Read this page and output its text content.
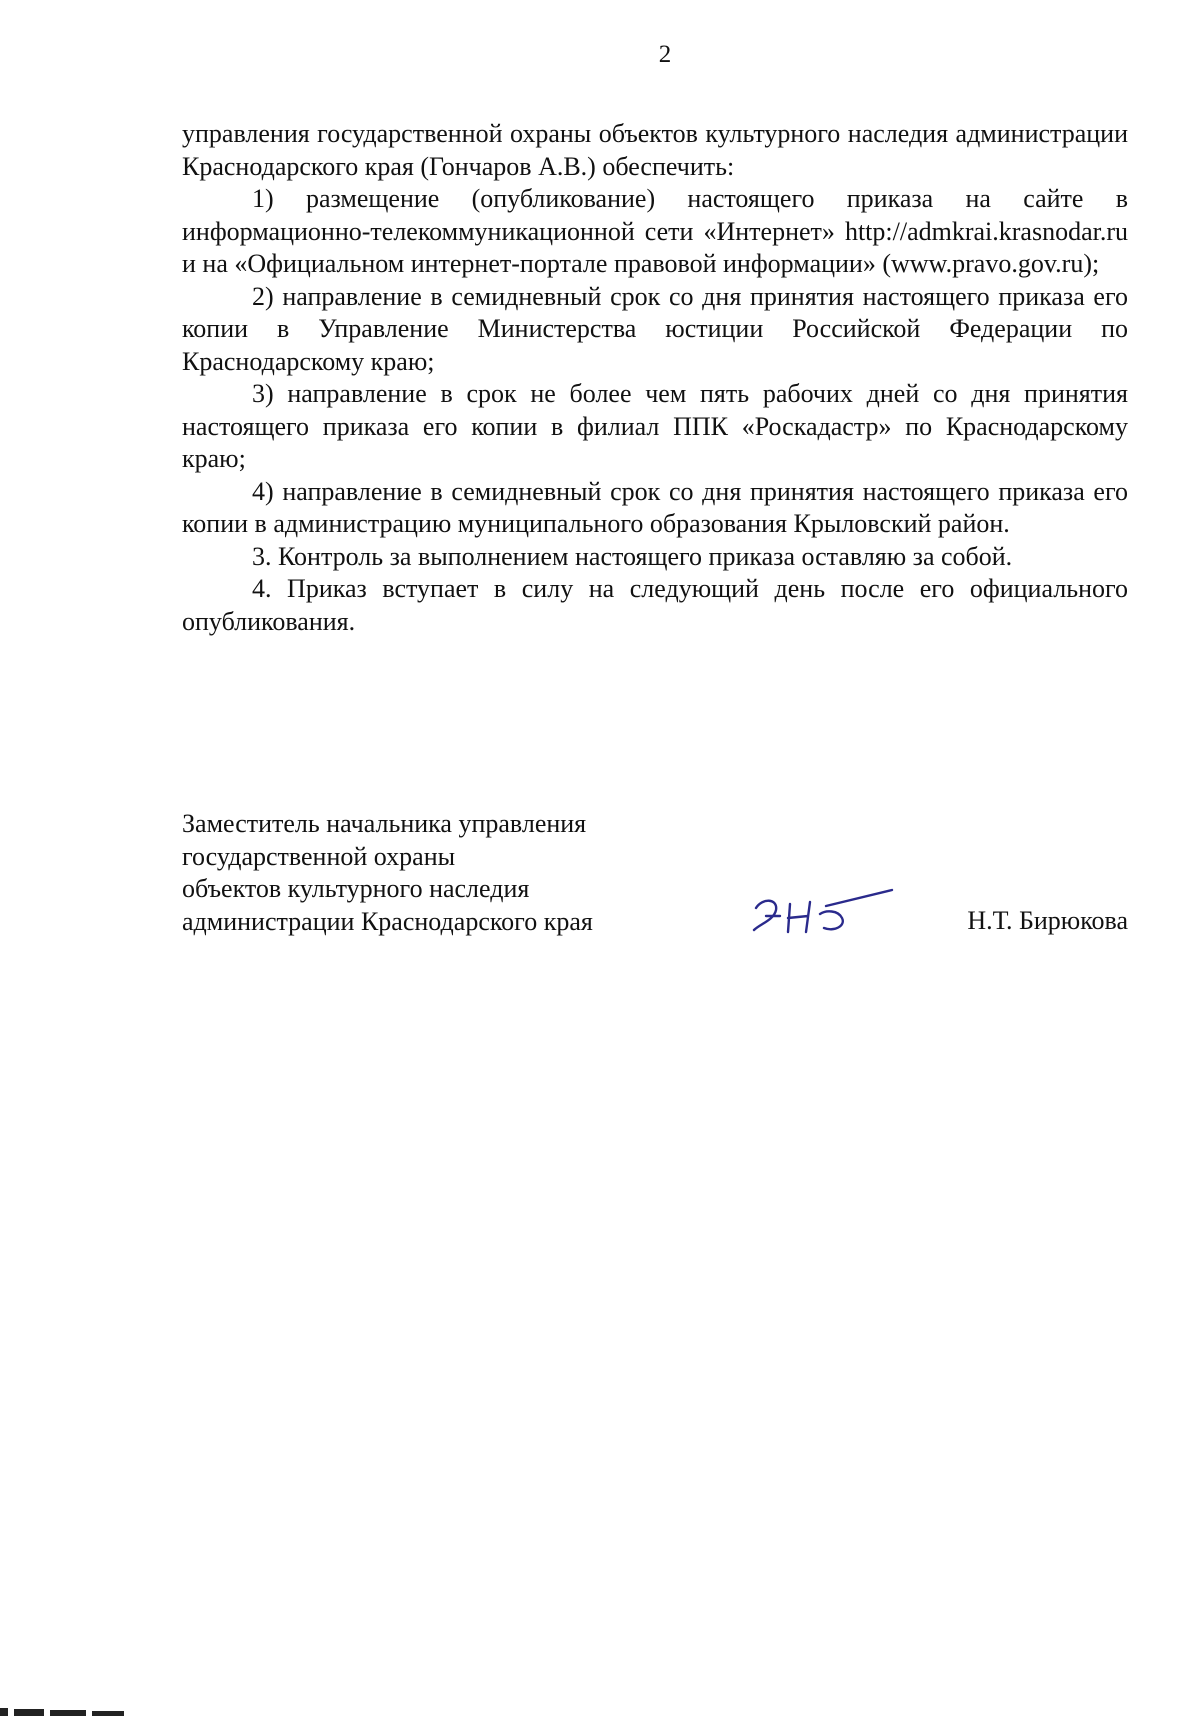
2

управления государственной охраны объектов культурного наследия администрации Краснодарского края (Гончаров А.В.) обеспечить:

1) размещение (опубликование) настоящего приказа на сайте в информационно-телекоммуникационной сети «Интернет» http://admkrai.krasnodar.ru и на «Официальном интернет-портале правовой информации» (www.pravo.gov.ru);

2) направление в семидневный срок со дня принятия настоящего приказа его копии в Управление Министерства юстиции Российской Федерации по Краснодарскому краю;

3) направление в срок не более чем пять рабочих дней со дня принятия настоящего приказа его копии в филиал ППК «Роскадастр» по Краснодарскому краю;

4) направление в семидневный срок со дня принятия настоящего приказа его копии в администрацию муниципального образования Крыловский район.

3. Контроль за выполнением настоящего приказа оставляю за собой.

4. Приказ вступает в силу на следующий день после его официального опубликования.

Заместитель начальника управления
государственной охраны
объектов культурного наследия
администрации Краснодарского края	Н.Т. Бирюкова
